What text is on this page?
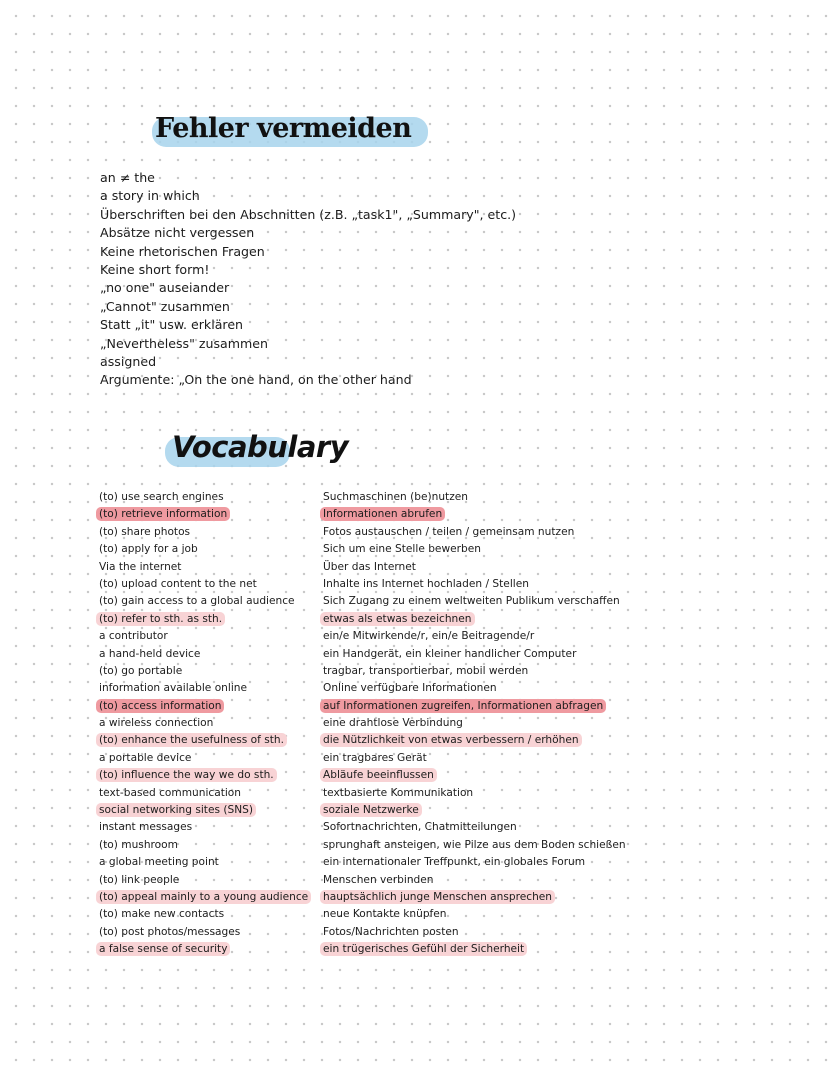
Fehler vermeiden
an ≠ the
a story in which
Überschriften bei den Abschnitten (z.B. „task1", „Summary", etc.)
Absätze nicht vergessen
Keine rhetorischen Fragen
Keine short form!
„no one" auseiander
„Cannot" zusammen
Statt „it" usw. erklären
„Nevertheless" zusammen
assigned
Argumente: „On the one hand, on the other hand
Vocabulary
(to) use search engines
(to) retrieve information
(to) share photos
(to) apply for a job
Via the internet
(to) upload content to the net
(to) gain access to a global audience
(to) refer to sth. as sth.
a contributor
a hand-held device
(to) go portable
information available online
(to) access information
a wireless connection
(to) enhance the usefulness of sth.
a portable device
(to) influence the way we do sth.
text-based communication
social networking sites (SNS)
instant messages
(to) mushroom
a global meeting point
(to) link people
(to) appeal mainly to a young audience
(to) make new contacts
(to) post photos/messages
a false sense of security
Suchmaschinen (be)nutzen
Informationen abrufen
Fotos austauschen / teilen / gemeinsam nutzen
Sich um eine Stelle bewerben
Über das Internet
Inhalte ins Internet hochladen / Stellen
Sich Zugang zu einem weltweiten Publikum verschaffen
etwas als etwas bezeichnen
ein/e Mitwirkende/r, ein/e Beitragende/r
ein Handgerät, ein kleiner handlicher Computer
tragbar, transportierbar, mobil werden
Online verfügbare Informationen
auf Informationen zugreifen, Informationen abfragen
eine drahtlose Verbindung
die Nützlichkeit von etwas verbessern / erhöhen
ein tragbares Gerät
Abläufe beeinflussen
textbasierte Kommunikation
soziale Netzwerke
Sofortnachrichten, Chatmitteilungen
sprunghaft ansteigen, wie Pilze aus dem Boden schießen
ein internationaler Treffpunkt, ein globales Forum
Menschen verbinden
hauptsächlich junge Menschen ansprechen
neue Kontakte knüpfen
Fotos/Nachrichten posten
ein trügerisches Gefühl der Sicherheit
